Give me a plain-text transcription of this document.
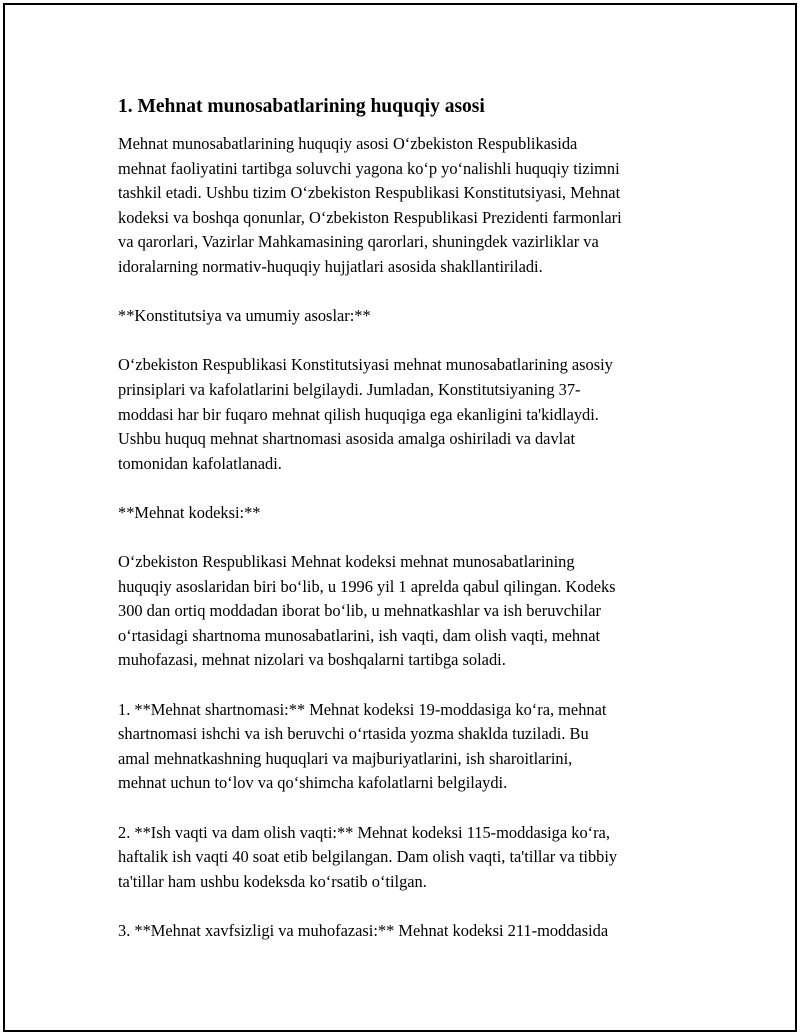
1. Mehnat munosabatlarining huquqiy asosi
Mehnat munosabatlarining huquqiy asosi O‘zbekiston Respublikasida
mehnat faoliyatini tartibga soluvchi yagona ko‘p yo‘nalishli huquqiy tizimni
tashkil etadi. Ushbu tizim O‘zbekiston Respublikasi Konstitutsiyasi, Mehnat
kodeksi va boshqa qonunlar, O‘zbekiston Respublikasi Prezidenti farmonlari
va qarorlari, Vazirlar Mahkamasining qarorlari, shuningdek vazirliklar va
idoralarning normativ-huquqiy hujjatlari asosida shakllantiriladi.
**Konstitutsiya va umumiy asoslar:**
O‘zbekiston Respublikasi Konstitutsiyasi mehnat munosabatlarining asosiy
prinsiplari va kafolatlarini belgilaydi. Jumladan, Konstitutsiyaning 37-
moddasi har bir fuqaro mehnat qilish huquqiga ega ekanligini ta'kidlaydi.
Ushbu huquq mehnat shartnomasi asosida amalga oshiriladi va davlat
tomonidan kafolatlanadi.
**Mehnat kodeksi:**
O‘zbekiston Respublikasi Mehnat kodeksi mehnat munosabatlarining
huquqiy asoslaridan biri bo‘lib, u 1996 yil 1 aprelda qabul qilingan. Kodeks
300 dan ortiq moddadan iborat bo‘lib, u mehnatkashlar va ish beruvchilar
o‘rtasidagi shartnoma munosabatlarini, ish vaqti, dam olish vaqti, mehnat
muhofazasi, mehnat nizolari va boshqalarni tartibga soladi.
1. **Mehnat shartnomasi:** Mehnat kodeksi 19-moddasiga ko‘ra, mehnat
shartnomasi ishchi va ish beruvchi o‘rtasida yozma shaklda tuziladi. Bu
amal mehnatkashning huquqlari va majburiyatlarini, ish sharoitlarini,
mehnat uchun to‘lov va qo‘shimcha kafolatlarni belgilaydi.
2. **Ish vaqti va dam olish vaqti:** Mehnat kodeksi 115-moddasiga ko‘ra,
haftalik ish vaqti 40 soat etib belgilangan. Dam olish vaqti, ta'tillar va tibbiy
ta'tillar ham ushbu kodeksda ko‘rsatib o‘tilgan.
3. **Mehnat xavfsizligi va muhofazasi:** Mehnat kodeksi 211-moddasida
